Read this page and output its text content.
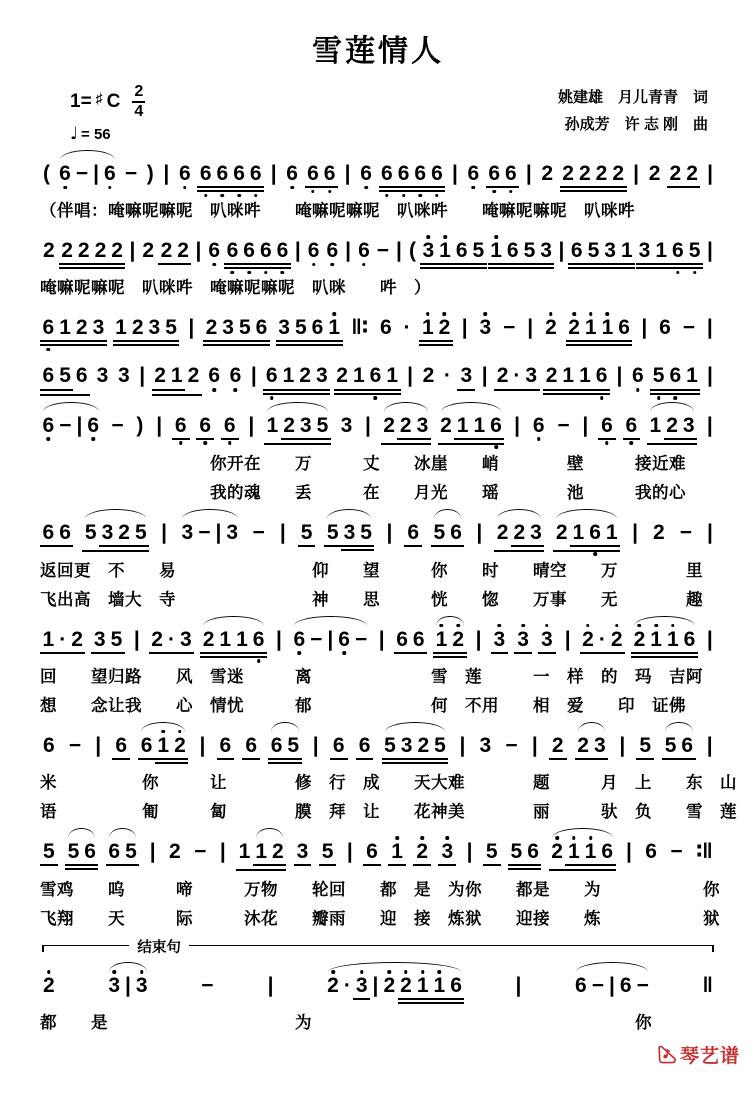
雪莲情人
1= ♯ C $\frac{2}{4}$
♩ = 56
姚建雄　月儿青青　词
孙成芳　许 志 刚　曲
( 6 − | 6 − ) | 6 6 6 6 6 | 6 6 6 | 6 6 6 6 6 | 6 6 6 | 2 2 2 2 2 | 2 2 2 |
（伴唱：唵嘛呢嘛呢　叭咪吽　　唵嘛呢嘛呢　叭咪吽　　唵嘛呢嘛呢　叭咪吽
2 2 2 2 2 | 2 2 2 | 6 6 6 6 6 | 6 6 | 6 − | ( 3 1 6 5 1 6 5 3 | 6 5 3 1 3 1 6 5 |
唵嘛呢嘛呢　叭咪吽　唵嘛呢嘛呢　叭咪　　吽　）
6 1 2 3 1 2 3 5 | 2 3 5 6 3 5 6 1 ‖∶ 6 · 1 2 | 3 − | 2 2 1 1 6 | 6 − |
6 5 6 3 3 | 2 1 2 6 6 | 6 1 2 3 2 1 6 1 | 2 · 3 | 2 · 3 2 1 1 6 | 6 5 6 1 |
6 − | 6 − ) | 6 6 6 | 1 2 3 5 3 | 2 2 3 2 1 1 6 | 6 − | 6 6 1 2 3 |
　　　　　　　　　　你开在　　万　　　丈　　冰崖　　峭　　　　壁　　　接近难
　　　　　　　　　　我的魂　　丢　　　在　　月光　　瑶　　　　池　　　我的心
6 6 5 3 2 5 | 3 − | 3 − | 5 5 3 5 | 6 5 6 | 2 2 3 2 1 6 1 | 2 − |
返回更　不　　易　　　　　　　　仰　　望　　　你　　时　　晴空　　万　　　　里
飞出高　墙大　寺　　　　　　　　神　　思　　　恍　　惚　　万事　　无　　　　趣
1 · 2 3 5 | 2 · 3 2 1 1 6 | 6 − | 6 − | 6 6 1 2 | 3 3 3 | 2 · 2 2 1 1 6 |
回　　望归路　　风　雪迷　　　离　　　　　　　雪　莲　　　一　样　的　玛　吉阿
想　　念让我　　心　情忧　　　郁　　　　　　　何　不用　　相　爱　　印　证佛
6 − | 6 6 1 2 | 6 6 6 5 | 6 6 5 3 2 5 | 3 − | 2 2 3 | 5 5 6 |
米　　　　　你　　　让　　　　修　行　成　　天大难　　　　题　　　月　上　　东　山
语　　　　　匍　　　匐　　　　膜　拜　让　　花神美　　　　丽　　　驮　负　　雪　莲
5 5 6 6 5 | 2 − | 1 1 2 3 5 | 6 1 2 3 | 5 5 6 2 1 1 6 | 6 − ∶‖
雪鸡　　呜　　　啼　　　万物　　轮回　　都　是　为你　　都是　　为　　　　　　你
飞翔　　天　　　际　　　沐花　　瓣雨　　迎　接　炼狱　　迎接　　炼　　　　　　狱
结束句
2	3 | 3	−	|	2 · 3 | 2 2 1 1 6	|	6 − | 6 −	‖
都　　是　　　　　　　　　　　为　　　　　　　　　　　　　　　　　　　你
琴艺谱
